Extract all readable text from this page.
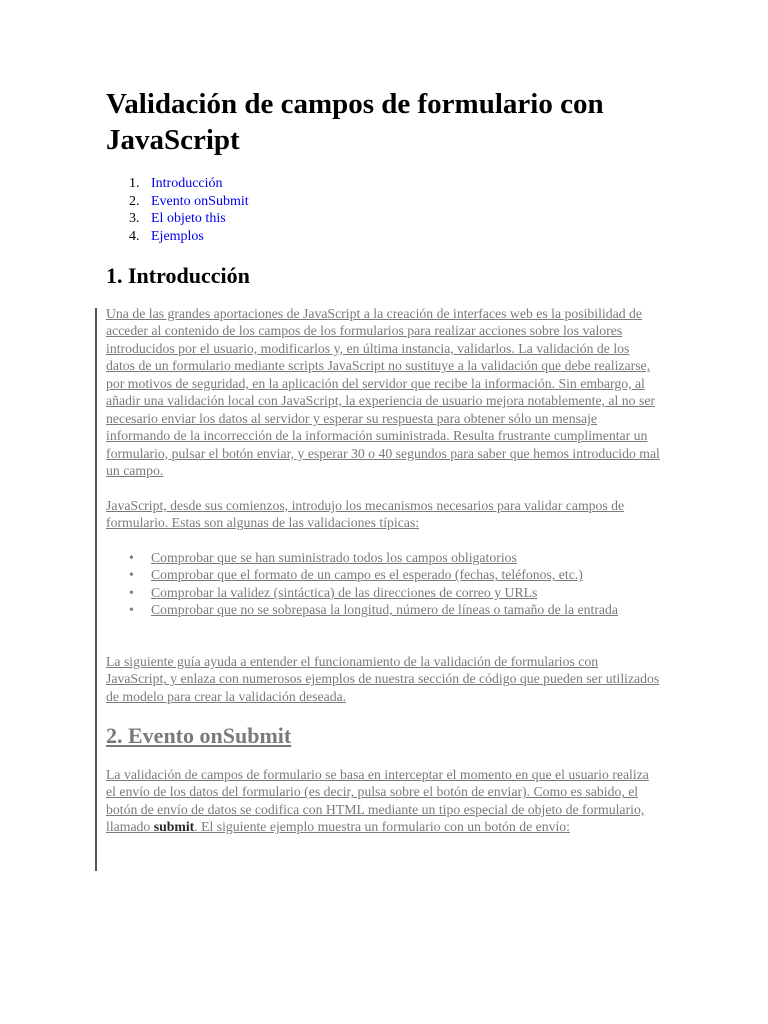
Validación de campos de formulario con JavaScript
1. Introducción
2. Evento onSubmit
3. El objeto this
4. Ejemplos
1. Introducción

Una de las grandes aportaciones de JavaScript a la creación de interfaces web es la posibilidad de acceder al contenido de los campos de los formularios para realizar acciones sobre los valores introducidos por el usuario, modificarlos y, en última instancia, validarlos. La validación de los datos de un formulario mediante scripts JavaScript no sustituye a la validación que debe realizarse, por motivos de seguridad, en la aplicación del servidor que recibe la información. Sin embargo, al añadir una validación local con JavaScript, la experiencia de usuario mejora notablemente, al no ser necesario enviar los datos al servidor y esperar su respuesta para obtener sólo un mensaje informando de la incorrección de la información suministrada. Resulta frustrante cumplimentar un formulario, pulsar el botón enviar, y esperar 30 o 40 segundos para saber que hemos introducido mal un campo.

JavaScript, desde sus comienzos, introdujo los mecanismos necesarios para validar campos de formulario. Estas son algunas de las validaciones típicas:

• Comprobar que se han suministrado todos los campos obligatorios
• Comprobar que el formato de un campo es el esperado (fechas, teléfonos, etc.)
• Comprobar la validez (sintáctica) de las direcciones de correo y URLs
• Comprobar que no se sobrepasa la longitud, número de líneas o tamaño de la entrada

La siguiente guía ayuda a entender el funcionamiento de la validación de formularios con JavaScript, y enlaza con numerosos ejemplos de nuestra sección de código que pueden ser utilizados de modelo para crear la validación deseada.

2. Evento onSubmit

La validación de campos de formulario se basa en interceptar el momento en que el usuario realiza el envío de los datos del formulario (es decir, pulsa sobre el botón de enviar). Como es sabido, el botón de envío de datos se codifica con HTML mediante un tipo especial de objeto de formulario, llamado submit. El siguiente ejemplo muestra un formulario con un botón de envío:
